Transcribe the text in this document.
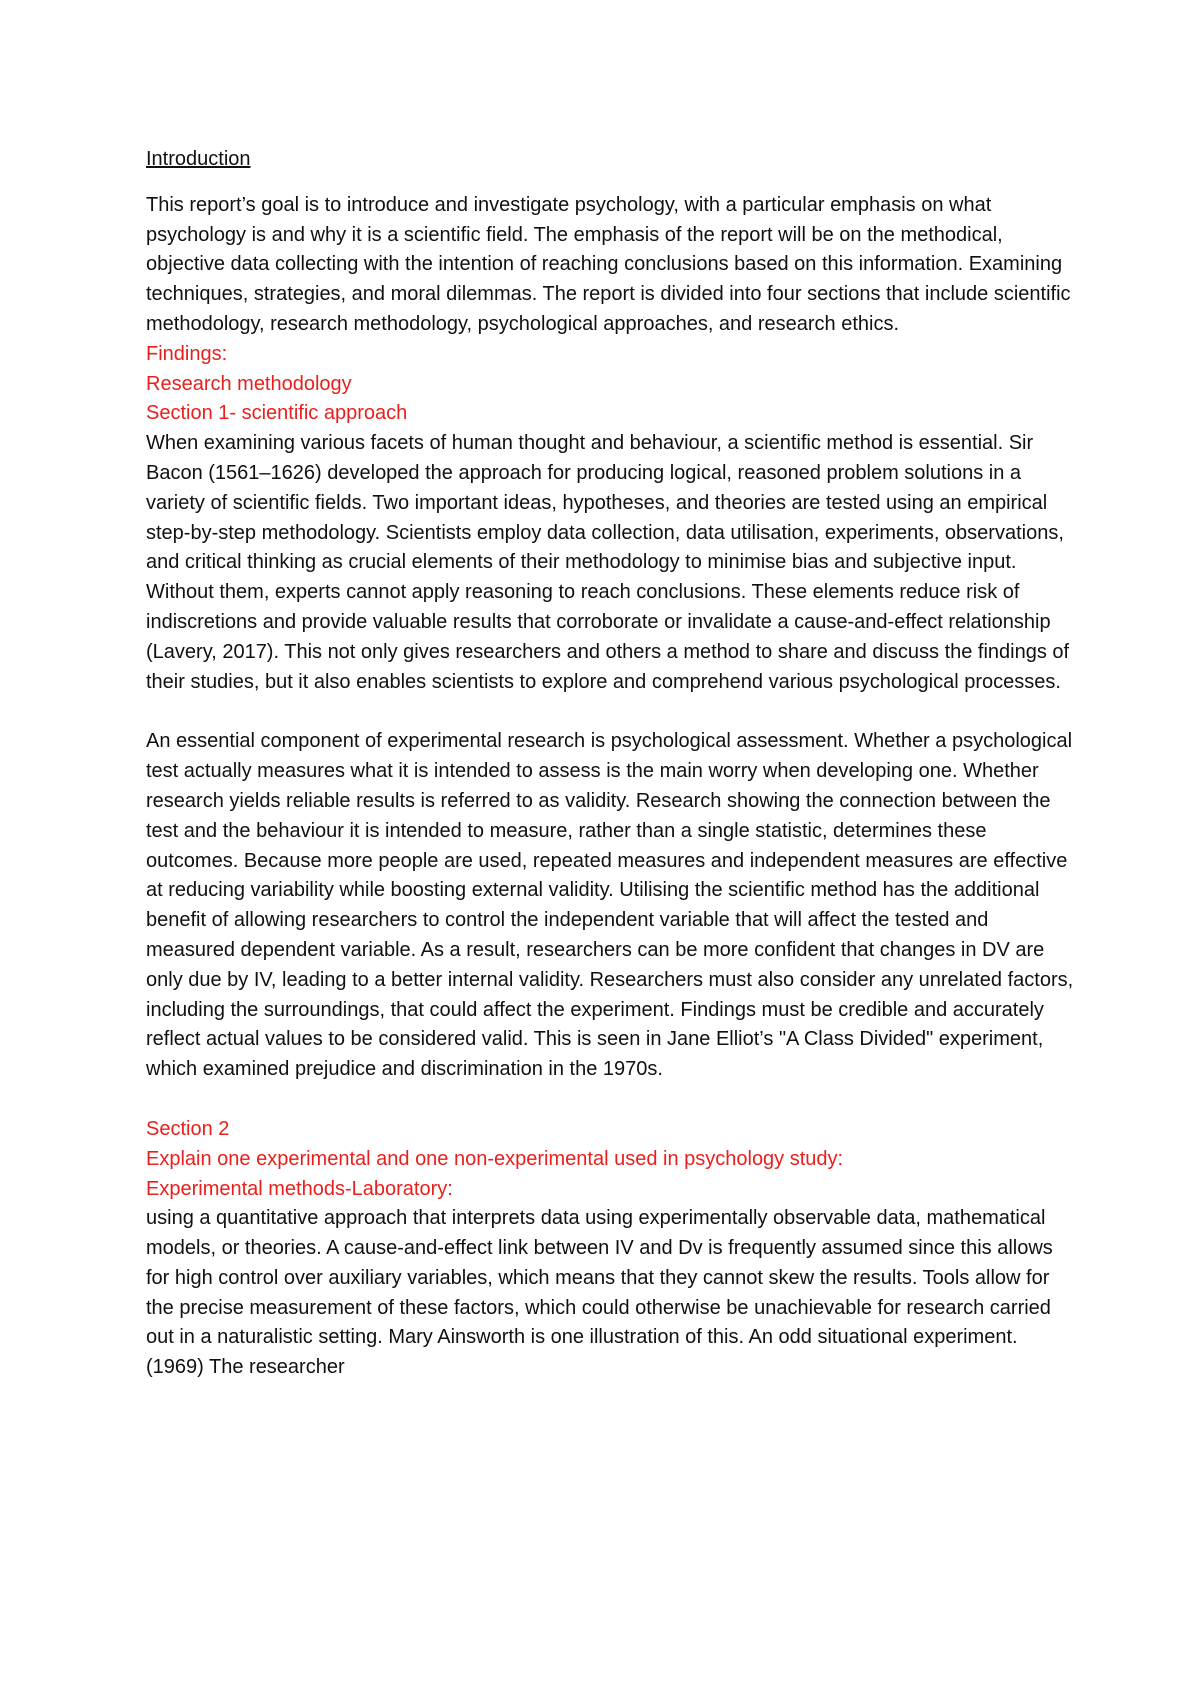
Introduction

This report’s goal is to introduce and investigate psychology, with a particular emphasis on what psychology is and why it is a scientific field. The emphasis of the report will be on the methodical, objective data collecting with the intention of reaching conclusions based on this information. Examining techniques, strategies, and moral dilemmas. The report is divided into four sections that include scientific methodology, research methodology, psychological approaches, and research ethics.

Findings:

Research methodology

Section 1- scientific approach

When examining various facets of human thought and behaviour, a scientific method is essential. Sir Bacon (1561–1626) developed the approach for producing logical, reasoned problem solutions in a variety of scientific fields. Two important ideas, hypotheses, and theories are tested using an empirical step-by-step methodology. Scientists employ data collection, data utilisation, experiments, observations, and critical thinking as crucial elements of their methodology to minimise bias and subjective input. Without them, experts cannot apply reasoning to reach conclusions. These elements reduce risk of indiscretions and provide valuable results that corroborate or invalidate a cause-and-effect relationship (Lavery, 2017). This not only gives researchers and others a method to share and discuss the findings of their studies, but it also enables scientists to explore and comprehend various psychological processes.

An essential component of experimental research is psychological assessment. Whether a psychological test actually measures what it is intended to assess is the main worry when developing one. Whether research yields reliable results is referred to as validity. Research showing the connection between the test and the behaviour it is intended to measure, rather than a single statistic, determines these outcomes. Because more people are used, repeated measures and independent measures are effective at reducing variability while boosting external validity. Utilising the scientific method has the additional benefit of allowing researchers to control the independent variable that will affect the tested and measured dependent variable. As a result, researchers can be more confident that changes in DV are only due by IV, leading to a better internal validity. Researchers must also consider any unrelated factors, including the surroundings, that could affect the experiment. Findings must be credible and accurately reflect actual values to be considered valid. This is seen in Jane Elliot’s "A Class Divided" experiment, which examined prejudice and discrimination in the 1970s.

Section 2

Explain one experimental and one non-experimental used in psychology study:

Experimental methods-Laboratory:

using a quantitative approach that interprets data using experimentally observable data, mathematical models, or theories. A cause-and-effect link between IV and Dv is frequently assumed since this allows for high control over auxiliary variables, which means that they cannot skew the results. Tools allow for the precise measurement of these factors, which could otherwise be unachievable for research carried out in a naturalistic setting. Mary Ainsworth is one illustration of this. An odd situational experiment. (1969) The researcher
